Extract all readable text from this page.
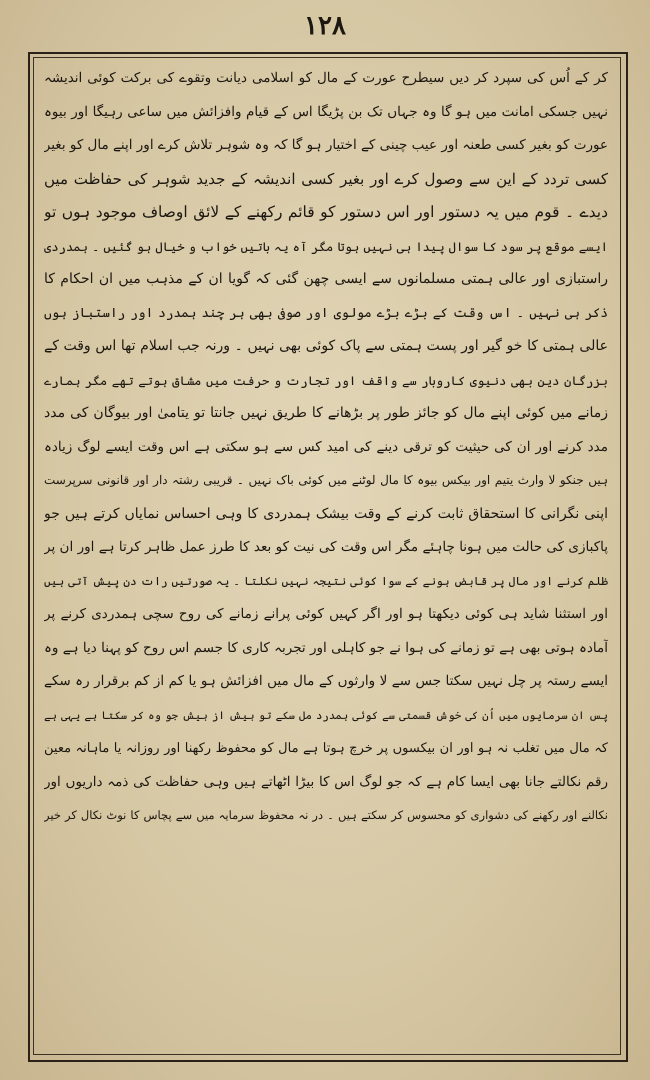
١٢٨
کر کے اُس کی سپرد کر دیں سیطرح عورت کے مال کو اسلامی دیانت وتقوے کی برکت کوئی اندیشہ
نہیں جسکی امانت میں ہو گا وہ جہاں تک بن پڑیگا اس کے قیام وافزائش میں ساعی رہیگا اور بیوہ
عورت کو بغیر کسی طعنہ اور عیب چینی کے اختیار ہو گا کہ وہ شوہر تلاش کرے اور اپنے مال کو بغیر
کسی تردد کے این سے وصول کرے اور بغیر کسی اندیشہ کے جدید شوہر کی حفاظت میں
دیدے ۔ قوم میں یہ دستور اور اس دستور کو قائم رکھنے کے لائق اوصاف موجود ہوں تو
ایسے موقع پر سود کا سوال پیدا ہی نہیں ہوتا مگر آہ یہ باتیں خواب و خیال ہو گئیں ۔ ہمدردی
راستبازی اور عالی ہمتی مسلمانوں سے ایسی چھن گئی کہ گویا ان کے مذہب میں ان احکام کا
ذکر ہی نہیں ۔ اس وقت کے بڑے بڑے مولوی اور صوفی بھی ہر چند ہمدرد اور راستباز ہوں
عالی ہمتی کا خو گیر اور پست ہمتی سے پاک کوئی بھی نہیں ۔ ورنہ جب اسلام تھا اس وقت کے
بزرگان دین بھی دنیوی کاروبار سے واقف اور تجارت و حرفت میں مشاق ہوتے تھے مگر ہمارے
زمانے میں کوئی اپنے مال کو جائز طور پر بڑھانے کا طریق نہیں جانتا تو یتامیٰ اور بیوگان کی مدد
مدد کرنے اور ان کی حیثیت کو ترقی دینے کی امید کس سے ہو سکتی ہے اس وقت ایسے لوگ زیادہ
ہیں جنکو لا وارث یتیم اور بیکس بیوہ کا مال لوٹنے میں کوئی باک نہیں ۔ قریبی رشتہ دار اور قانونی سرپرست
اپنی نگرانی کا استحقاق ثابت کرنے کے وقت بیشک ہمدردی کا وہی احساس نمایاں کرتے ہیں جو
پاکبازی کی حالت میں ہونا چاہئے مگر اس وقت کی نیت کو بعد کا طرز عمل ظاہر کرتا ہے اور ان پر
ظلم کرنے اور مال پر قابض ہونے کے سوا کوئی نتیجہ نہیں نکلتا ۔ یہ صورتیں رات دن پیش آتی ہیں
اور استثنا شاید ہی کوئی دیکھتا ہو اور اگر کہیں کوئی پرانے زمانے کی روح سچی ہمدردی کرنے پر
آمادہ ہوتی بھی ہے تو زمانے کی ہوا نے جو کاہلی اور تجربہ کاری کا جسم اس روح کو پہنا دیا ہے وہ
ایسے رستہ پر چل نہیں سکتا جس سے لا وارثوں کے مال میں افزائش ہو یا کم از کم برقرار رہ سکے
پس ان سرمایوں میں اُن کی خوش قسمتی سے کوئی ہمدرد مل سکے تو بیش از بیش جو وہ کر سکتا ہے یہی ہے
کہ مال میں تغلب نہ ہو اور ان بیکسوں پر خرچ ہوتا ہے مال کو محفوظ رکھنا اور روزانہ یا ماہانہ معین
رقم نکالتے جانا بھی ایسا کام ہے کہ جو لوگ اس کا بیڑا اٹھاتے ہیں وہی حفاظت کی ذمہ داریوں اور
نکالنے اور رکھنے کی دشواری کو محسوس کر سکتے ہیں ۔ در نہ محفوظ سرمایہ میں سے پچاس کا نوٹ نکال کر خیر
